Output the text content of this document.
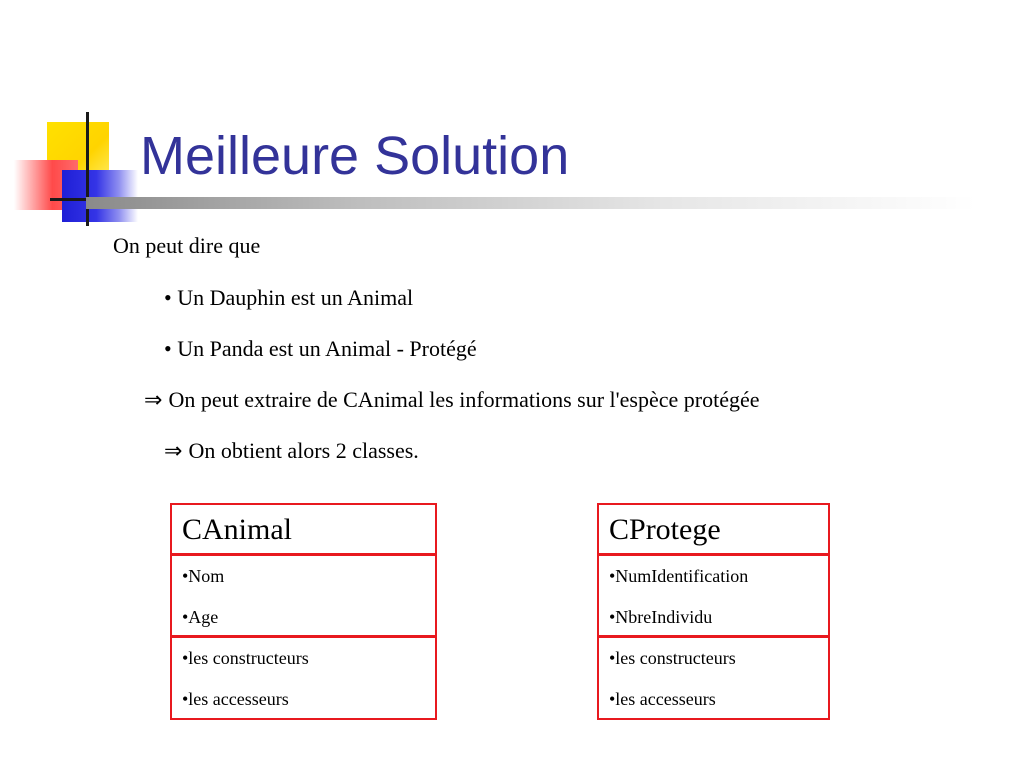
Meilleure Solution
On peut dire que
• Un Dauphin est un Animal
• Un Panda est un Animal - Protégé
⇒ On peut extraire de CAnimal les informations sur l'espèce protégée
⇒ On obtient alors 2 classes.
CAnimal
•Nom
•Age
•les constructeurs
•les accesseurs
CProtege
•NumIdentification
•NbreIndividu
•les constructeurs
•les accesseurs
